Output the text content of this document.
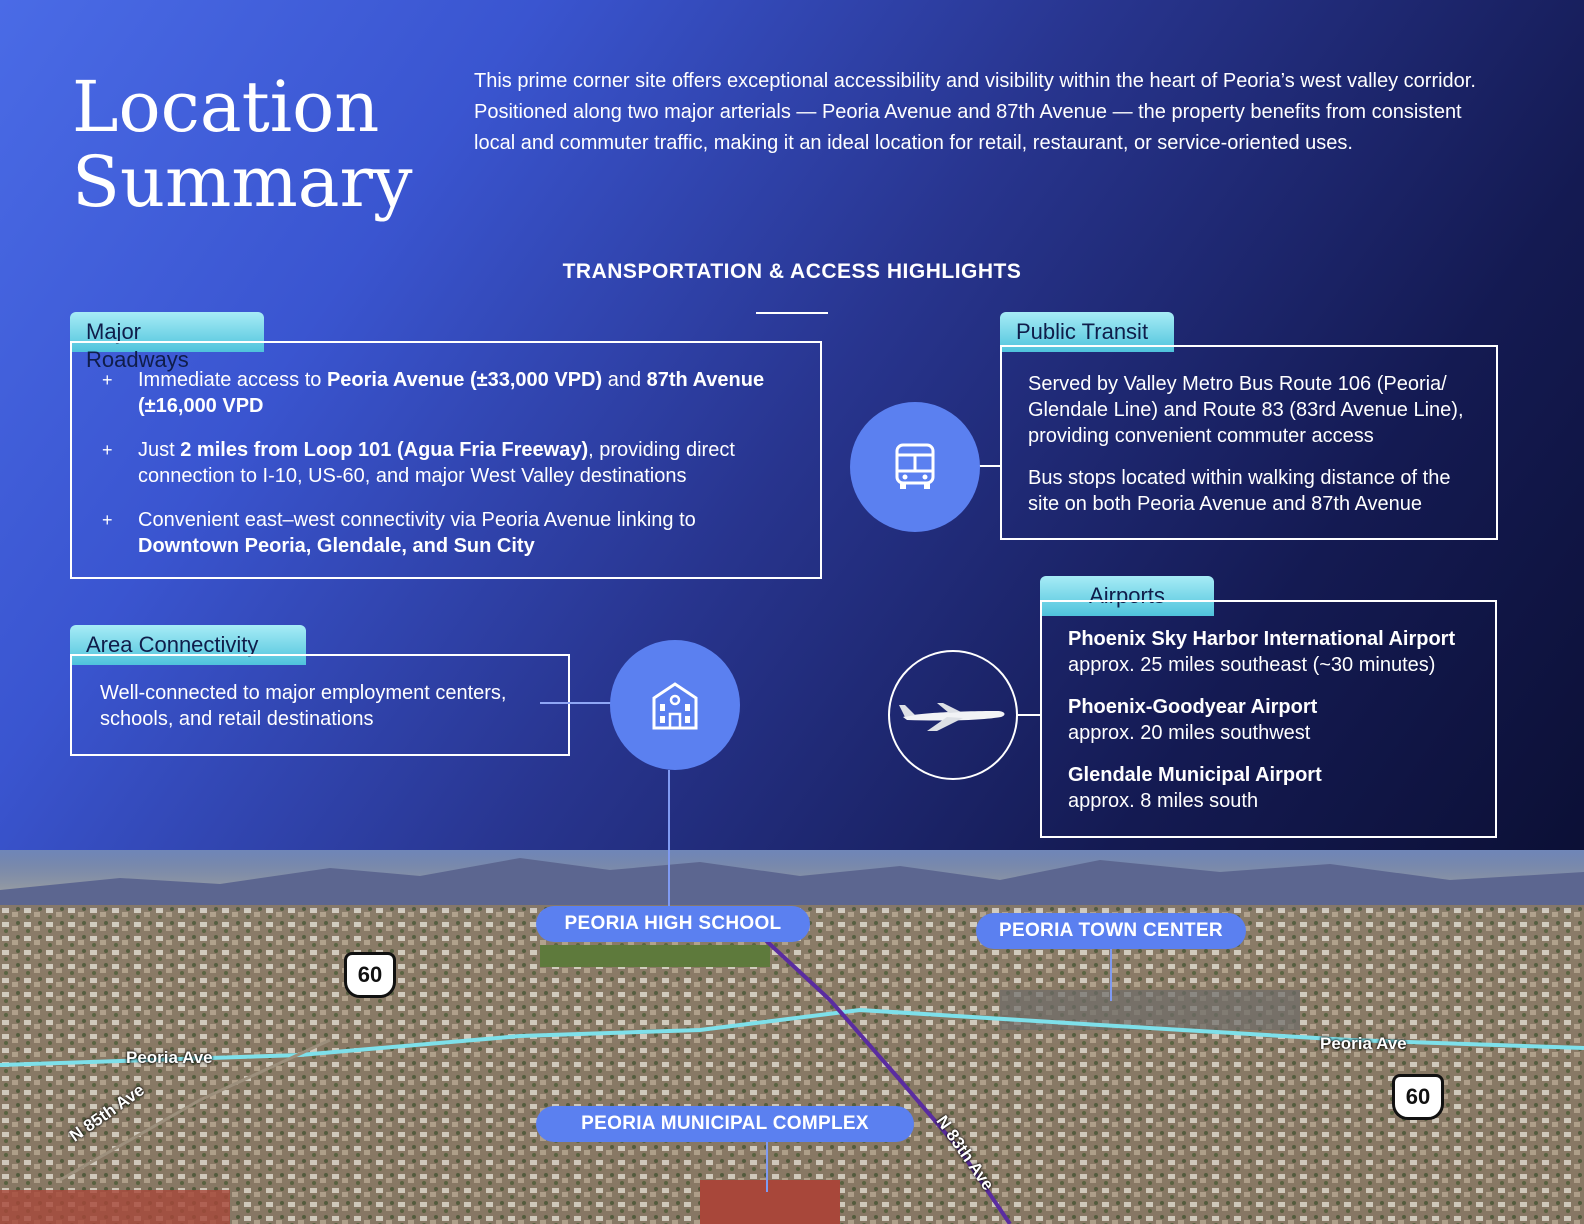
Location
Summary
This prime corner site offers exceptional accessibility and visibility within the heart of Peoria’s west valley corridor. Positioned along two major arterials — Peoria Avenue and 87th Avenue — the property benefits from consistent local and commuter traffic, making it an ideal location for retail, restaurant, or service-oriented uses.
TRANSPORTATION & ACCESS HIGHLIGHTS
Major Roadways
+ Immediate access to Peoria Avenue (±33,000 VPD) and 87th Avenue (±16,000 VPD
+ Just 2 miles from Loop 101 (Agua Fria Freeway), providing direct connection to I-10, US-60, and major West Valley destinations
+ Convenient east–west connectivity via Peoria Avenue linking to Downtown Peoria, Glendale, and Sun City
Public Transit

Served by Valley Metro Bus Route 106 (Peoria/ Glendale Line) and Route 83 (83rd Avenue Line), providing convenient commuter access

Bus stops located within walking distance of the site on both Peoria Avenue and 87th Avenue

Area Connectivity
Well-connected to major employment centers, schools, and retail destinations
Airports
Phoenix Sky Harbor International Airport
approx. 25 miles southeast (~30 minutes)
Phoenix-Goodyear Airport
approx. 20 miles southwest
Glendale Municipal Airport
approx. 8 miles south
PEORIA HIGH SCHOOL	PEORIA TOWN CENTER
PEORIA MUNICIPAL COMPLEX
60
60
Peoria Ave
Peoria Ave
N 85th Ave	N 83th Ave
